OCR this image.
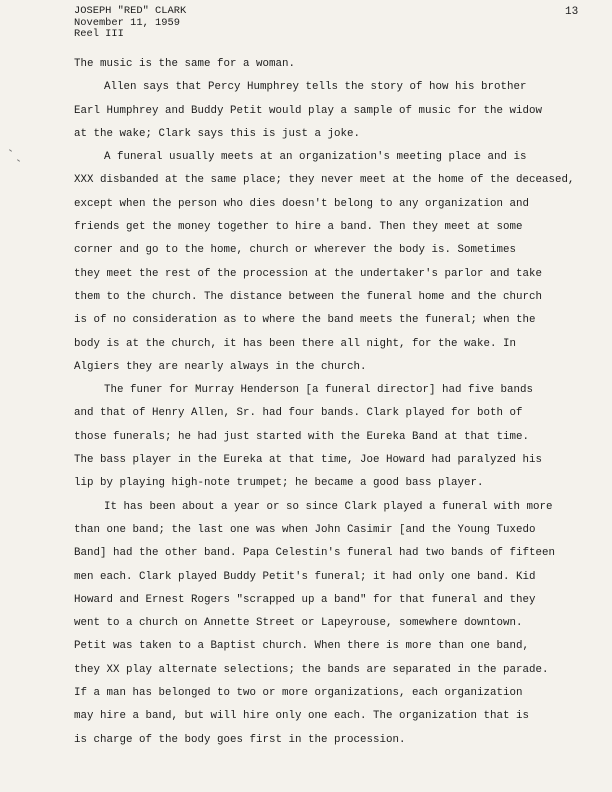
JOSEPH "RED" CLARK
November 11, 1959
Reel III
13
The music is the same for a woman.
Allen says that Percy Humphrey tells the story of how his brother
Earl Humphrey and Buddy Petit would play a sample of music for the widow
at the wake; Clark says this is just a joke.
A funeral usually meets at an organization's meeting place and is
XXX disbanded at the same place; they never meet at the home of the deceased,
except when the person who dies doesn't belong to any organization and
friends get the money together to hire a band. Then they meet at some
corner and go to the home, church or wherever the body is. Sometimes
they meet the rest of the procession at the undertaker's parlor and take
them to the church. The distance between the funeral home and the church
is of no consideration as to where the band meets the funeral; when the
body is at the church, it has been there all night, for the wake. In
Algiers they are nearly always in the church.
The funer for Murray Henderson [a funeral director] had five bands
and that of Henry Allen, Sr. had four bands. Clark played for both of
those funerals; he had just started with the Eureka Band at that time.
The bass player in the Eureka at that time, Joe Howard had paralyzed his
lip by playing high-note trumpet; he became a good bass player.
It has been about a year or so since Clark played a funeral with more
than one band; the last one was when John Casimir [and the Young Tuxedo
Band] had the other band. Papa Celestin's funeral had two bands of fifteen
men each. Clark played Buddy Petit's funeral; it had only one band. Kid
Howard and Ernest Rogers "scrapped up a band" for that funeral and they
went to a church on Annette Street or Lapeyrouse, somewhere downtown.
Petit was taken to a Baptist church. When there is more than one band,
they XX play alternate selections; the bands are separated in the parade.
If a man has belonged to two or more organizations, each organization
may hire a band, but will hire only one each. The organization that is
is charge of the body goes first in the procession.
